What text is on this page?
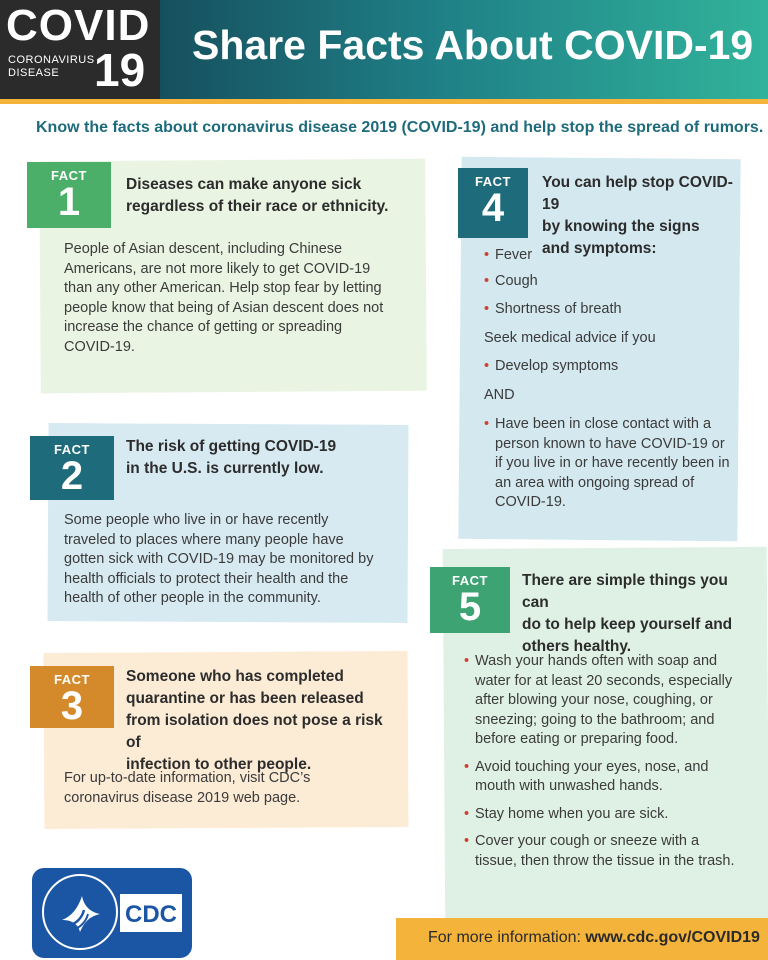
COVID
CORONAVIRUS
DISEASE 19 Share Facts About COVID-19
Know the facts about coronavirus disease 2019 (COVID-19) and help stop the spread of rumors.
FACT
1	Diseases can make anyone sick
regardless of their race or ethnicity.
People of Asian descent, including Chinese Americans, are not more likely to get COVID-19 than any other American. Help stop fear by letting people know that being of Asian descent does not increase the chance of getting or spreading COVID-19.
FACT
2
The risk of getting COVID-19
in the U.S. is currently low.
Some people who live in or have recently traveled to places where many people have gotten sick with COVID-19 may be monitored by health officials to protect their health and the health of other people in the community.
FACT
3
Someone who has completed
quarantine or has been released
from isolation does not pose a risk of
infection to other people.
For up-to-date information, visit CDC’s coronavirus disease 2019 web page.
FACT
4
You can help stop COVID-19
by knowing the signs
and symptoms:
• Fever
• Cough
• Shortness of breath
Seek medical advice if you
• Develop symptoms
AND
• Have been in close contact with a person known to have COVID-19 or if you live in or have recently been in an area with ongoing spread of COVID-19.
FACT
5
There are simple things you can
do to help keep yourself and
others healthy.
• Wash your hands often with soap and water for at least 20 seconds, especially after blowing your nose, coughing, or sneezing; going to the bathroom; and before eating or preparing food.
• Avoid touching your eyes, nose, and mouth with unwashed hands.
• Stay home when you are sick.
• Cover your cough or sneeze with a tissue, then throw the tissue in the trash.
For more information: www.cdc.gov/COVID19
CDC
